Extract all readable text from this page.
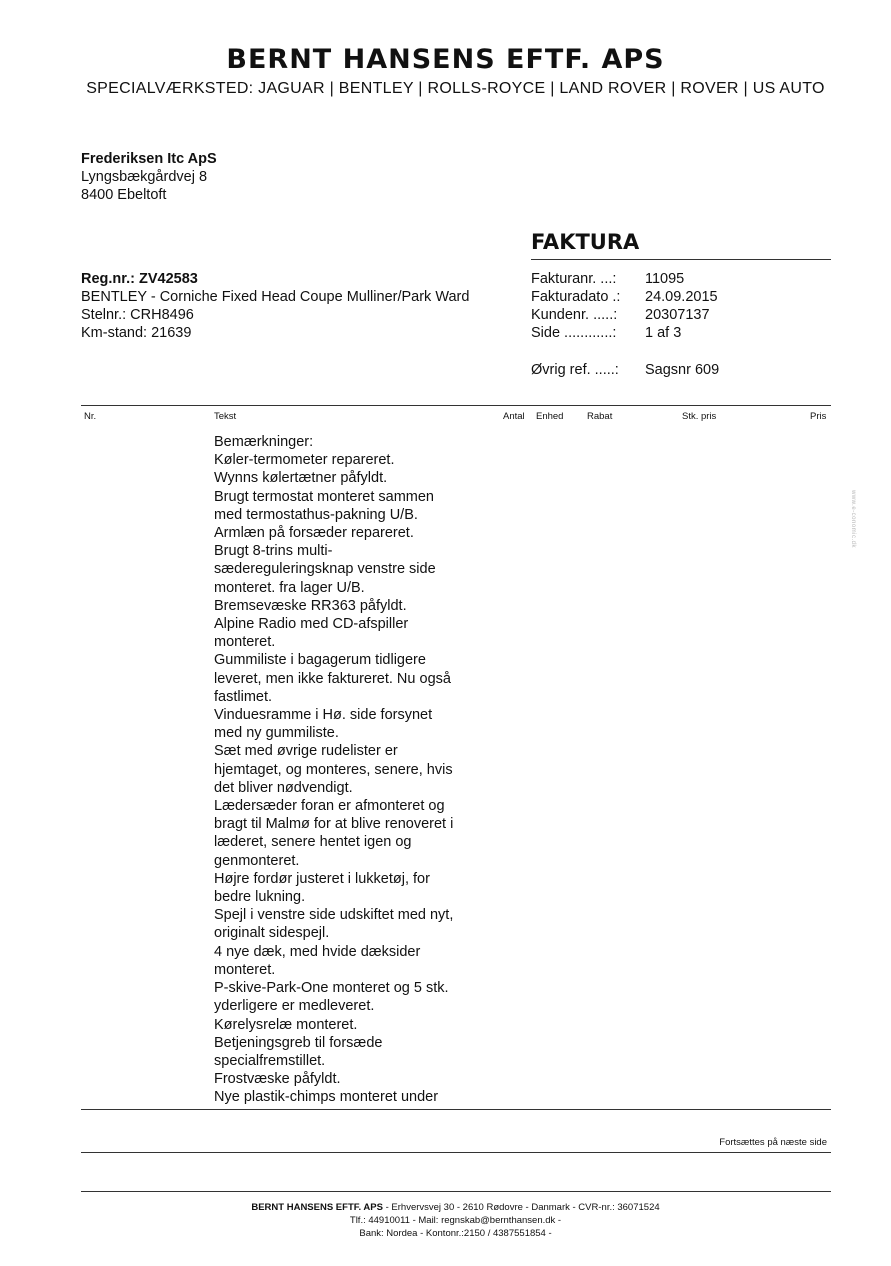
BERNT HANSENS EFTF. APS
SPECIALVÆRKSTED: JAGUAR | BENTLEY | ROLLS-ROYCE | LAND ROVER | ROVER | US AUTO
Frederiksen Itc ApS
Lyngsbækgårdvej 8
8400 Ebeltoft
FAKTURA
Reg.nr.: ZV42583
BENTLEY - Corniche Fixed Head Coupe Mulliner/Park Ward
Stelnr.: CRH8496
Km-stand: 21639
Fakturanr. ...: 11095
Fakturadato .: 24.09.2015
Kundenr. .....: 20307137
Side ............: 1 af 3
Øvrig ref. .....: Sagsnr 609
Nr.	Tekst	Antal Enhed Rabat	Stk. pris	Pris
Bemærkninger:
Køler-termometer repareret.
Wynns kølertætner påfyldt.
Brugt termostat monteret sammen
med termostathus-pakning U/B.
Armlæn på forsæder repareret.
Brugt 8-trins multi-
sædereguleringsknap venstre side
monteret. fra lager U/B.
Bremsevæske RR363 påfyldt.
Alpine Radio med CD-afspiller
monteret.
Gummiliste i bagagerum tidligere
leveret, men ikke faktureret. Nu også
fastlimet.
Vinduesramme i Hø. side forsynet
med ny gummiliste.
Sæt med øvrige rudelister er
hjemtaget, og monteres, senere, hvis
det bliver nødvendigt.
Lædersæder foran er afmonteret og
bragt til Malmø for at blive renoveret i
læderet, senere hentet igen og
genmonteret.
Højre fordør justeret i lukketøj, for
bedre lukning.
Spejl i venstre side udskiftet med nyt,
originalt sidespejl.
4 nye dæk, med hvide dæksider
monteret.
P-skive-Park-One monteret og 5 stk.
yderligere er medleveret.
Kørelysrelæ monteret.
Betjeningsgreb til forsæde
specialfremstillet.
Frostvæske påfyldt.
Nye plastik-chimps monteret under
Fortsættes på næste side
BERNT HANSENS EFTF. APS - Erhvervsvej 30 - 2610 Rødovre - Danmark - CVR-nr.: 36071524
Tlf.: 44910011 - Mail: regnskab@bernthansen.dk -
Bank: Nordea - Kontonr.:2150 / 4387551854 -
www.e-conomic.dk
